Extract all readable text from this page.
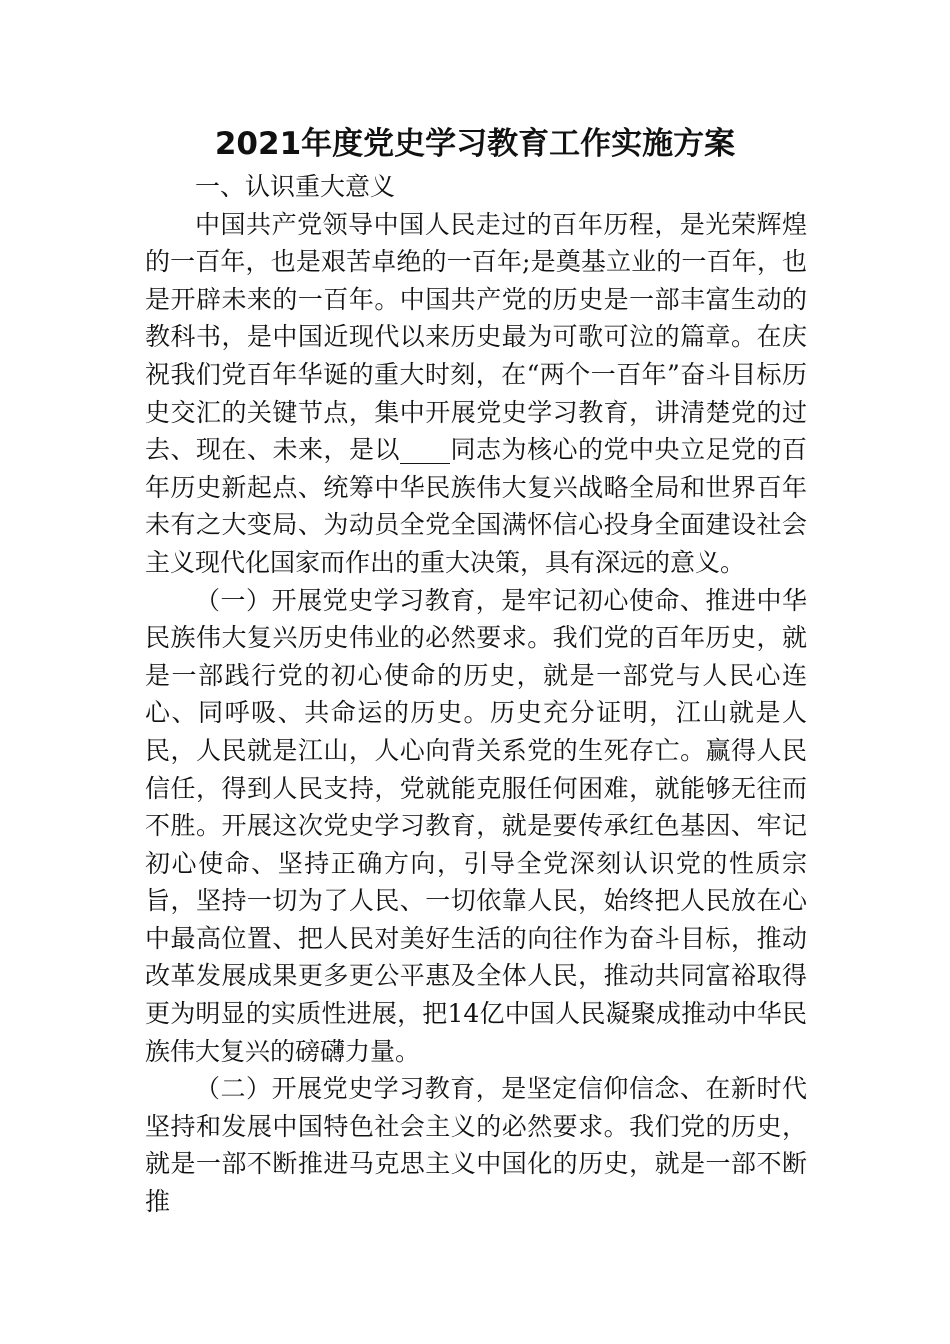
2021年度党史学习教育工作实施方案

一、认识重大意义

中国共产党领导中国人民走过的百年历程，是光荣辉煌的一百年，也是艰苦卓绝的一百年;是奠基立业的一百年，也是开辟未来的一百年。中国共产党的历史是一部丰富生动的教科书，是中国近现代以来历史最为可歌可泣的篇章。在庆祝我们党百年华诞的重大时刻，在“两个一百年”奋斗目标历史交汇的关键节点，集中开展党史学习教育，讲清楚党的过去、现在、未来，是以____同志为核心的党中央立足党的百年历史新起点、统筹中华民族伟大复兴战略全局和世界百年未有之大变局、为动员全党全国满怀信心投身全面建设社会主义现代化国家而作出的重大决策，具有深远的意义。

（一）开展党史学习教育，是牢记初心使命、推进中华民族伟大复兴历史伟业的必然要求。我们党的百年历史，就是一部践行党的初心使命的历史，就是一部党与人民心连心、同呼吸、共命运的历史。历史充分证明，江山就是人民，人民就是江山，人心向背关系党的生死存亡。赢得人民信任，得到人民支持，党就能克服任何困难，就能够无往而不胜。开展这次党史学习教育，就是要传承红色基因、牢记初心使命、坚持正确方向，引导全党深刻认识党的性质宗旨，坚持一切为了人民、一切依靠人民，始终把人民放在心中最高位置、把人民对美好生活的向往作为奋斗目标，推动改革发展成果更多更公平惠及全体人民，推动共同富裕取得更为明显的实质性进展，把14亿中国人民凝聚成推动中华民族伟大复兴的磅礴力量。

（二）开展党史学习教育，是坚定信仰信念、在新时代坚持和发展中国特色社会主义的必然要求。我们党的历史，就是一部不断推进马克思主义中国化的历史，就是一部不断推
